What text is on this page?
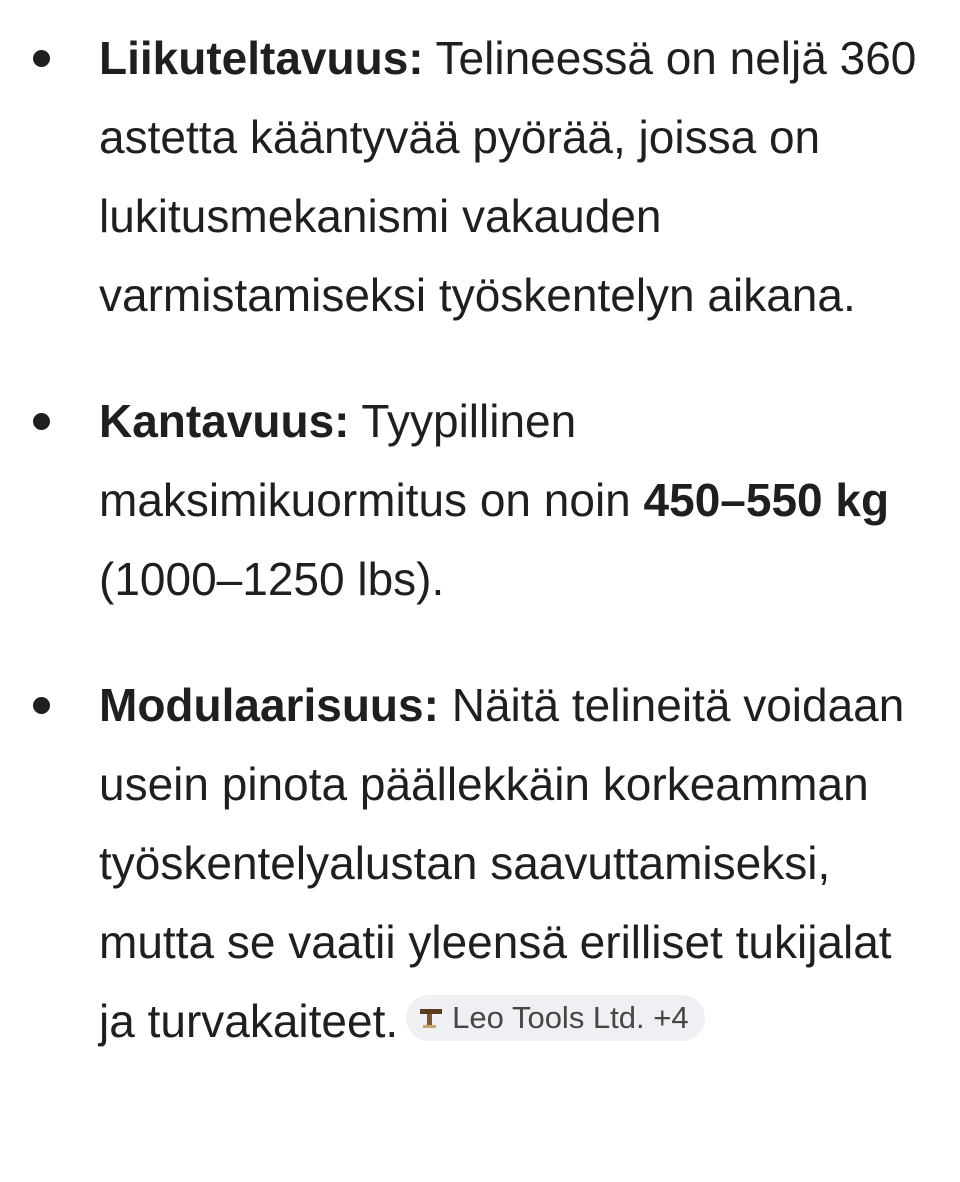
Liikuteltavuus: Telineessä on neljä 360 astetta kääntyvää pyörää, joissa on lukitusmekanismi vakauden varmistamiseksi työskentelyn aikana.
Kantavuus: Tyypillinen maksimikuormitus on noin 450–550 kg (1000–1250 lbs).
Modulaarisuus: Näitä telineitä voidaan usein pinota päällekkäin korkeamman työskentelyalustan saavuttamiseksi, mutta se vaatii yleensä erilliset tukijalat ja turvakaiteet. Leo Tools Ltd. +4
